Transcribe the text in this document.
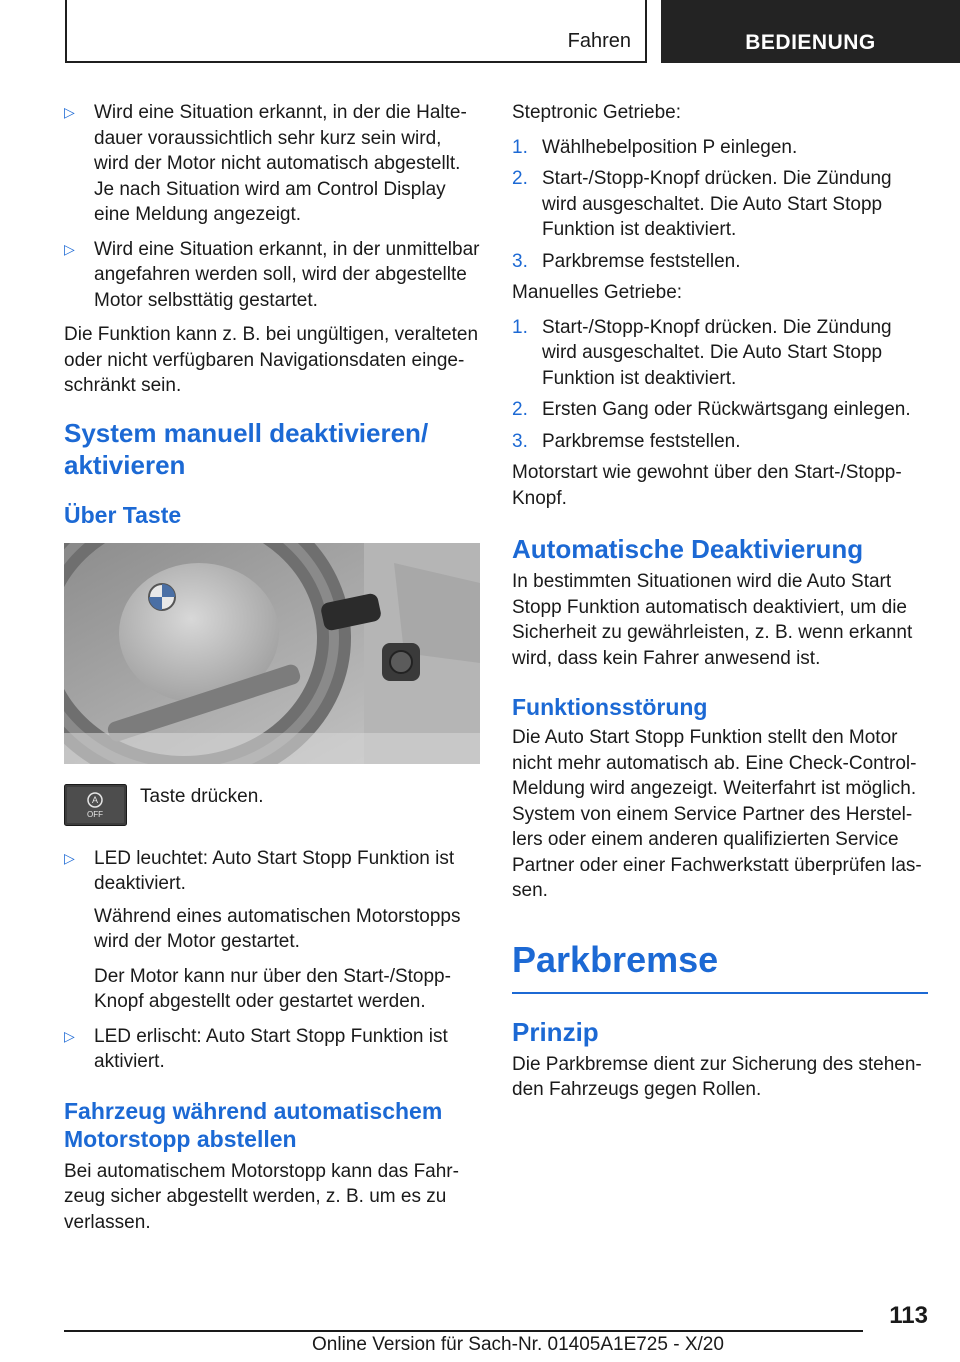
Fahren	BEDIENUNG
▷ Wird eine Situation erkannt, in der die Halte-dauer voraussichtlich sehr kurz sein wird, wird der Motor nicht automatisch abgestellt. Je nach Situation wird am Control Display eine Meldung angezeigt.
▷ Wird eine Situation erkannt, in der unmittelbar angefahren werden soll, wird der abgestellte Motor selbsttätig gestartet.

Die Funktion kann z. B. bei ungültigen, veralteten oder nicht verfügbaren Navigationsdaten einge-schränkt sein.

System manuell deaktivieren/ aktivieren
Über Taste
A
OFF
Taste drücken.
▷ LED leuchtet: Auto Start Stopp Funktion ist deaktiviert.

Während eines automatischen Motorstopps wird der Motor gestartet.

Der Motor kann nur über den Start-/Stopp-Knopf abgestellt oder gestartet werden.

▷ LED erlischt: Auto Start Stopp Funktion ist aktiviert.
Fahrzeug während automatischem Motorstopp abstellen

Bei automatischem Motorstopp kann das Fahr-zeug sicher abgestellt werden, z. B. um es zu verlassen.

Steptronic Getriebe:

1. Wählhebelposition P einlegen.
2. Start-/Stopp-Knopf drücken. Die Zündung wird ausgeschaltet. Die Auto Start Stopp Funktion ist deaktiviert.
3. Parkbremse feststellen.

Manuelles Getriebe:

1. Start-/Stopp-Knopf drücken. Die Zündung wird ausgeschaltet. Die Auto Start Stopp Funktion ist deaktiviert.
2. Ersten Gang oder Rückwärtsgang einlegen.
3. Parkbremse feststellen.

Motorstart wie gewohnt über den Start-/Stopp-Knopf.

Automatische Deaktivierung

In bestimmten Situationen wird die Auto Start Stopp Funktion automatisch deaktiviert, um die Sicherheit zu gewährleisten, z. B. wenn erkannt wird, dass kein Fahrer anwesend ist.

Funktionsstörung

Die Auto Start Stopp Funktion stellt den Motor nicht mehr automatisch ab. Eine Check-Control-Meldung wird angezeigt. Weiterfahrt ist möglich. System von einem Service Partner des Herstel-lers oder einem anderen qualifizierten Service Partner oder einer Fachwerkstatt überprüfen las-sen.

Parkbremse
Prinzip

Die Parkbremse dient zur Sicherung des stehen-den Fahrzeugs gegen Rollen.

113
Online Version für Sach-Nr. 01405A1E725 - X/20
